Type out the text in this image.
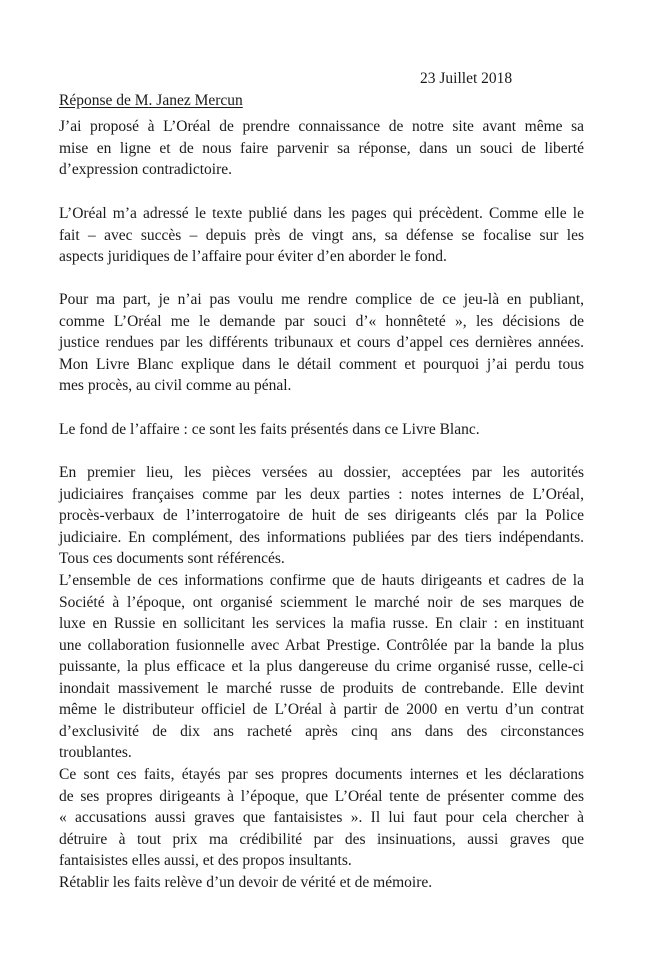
23 Juillet 2018
Réponse de M. Janez Mercun
J’ai proposé à L’Oréal de prendre connaissance de notre site avant même sa
mise en ligne et de nous faire parvenir sa réponse, dans un souci de liberté
d’expression contradictoire.
L’Oréal m’a adressé le texte publié dans les pages qui précèdent. Comme elle le
fait – avec succès – depuis près de vingt ans, sa défense se focalise sur les
aspects juridiques de l’affaire pour éviter d’en aborder le fond.
Pour ma part, je n’ai pas voulu me rendre complice de ce jeu-là en publiant,
comme L’Oréal me le demande par souci d’« honnêteté », les décisions de
justice rendues par les différents tribunaux et cours d’appel ces dernières années.
Mon Livre Blanc explique dans le détail comment et pourquoi j’ai perdu tous
mes procès, au civil comme au pénal.
Le fond de l’affaire : ce sont les faits présentés dans ce Livre Blanc.
En premier lieu, les pièces versées au dossier, acceptées par les autorités
judiciaires françaises comme par les deux parties : notes internes de L’Oréal,
procès-verbaux de l’interrogatoire de huit de ses dirigeants clés par la Police
judiciaire. En complément, des informations publiées par des tiers indépendants.
Tous ces documents sont référencés.
L’ensemble de ces informations confirme que de hauts dirigeants et cadres de la
Société à l’époque, ont organisé sciemment le marché noir de ses marques de
luxe en Russie en sollicitant les services la mafia russe. En clair : en instituant
une collaboration fusionnelle avec Arbat Prestige. Contrôlée par la bande la plus
puissante, la plus efficace et la plus dangereuse du crime organisé russe, celle-ci
inondait massivement le marché russe de produits de contrebande. Elle devint
même le distributeur officiel de L’Oréal à partir de 2000 en vertu d’un contrat
d’exclusivité de dix ans racheté après cinq ans dans des circonstances
troublantes.
Ce sont ces faits, étayés par ses propres documents internes et les déclarations
de ses propres dirigeants à l’époque, que L’Oréal tente de présenter comme des
« accusations aussi graves que fantaisistes ». Il lui faut pour cela chercher à
détruire à tout prix ma crédibilité par des insinuations, aussi graves que
fantaisistes elles aussi, et des propos insultants.
Rétablir les faits relève d’un devoir de vérité et de mémoire.
